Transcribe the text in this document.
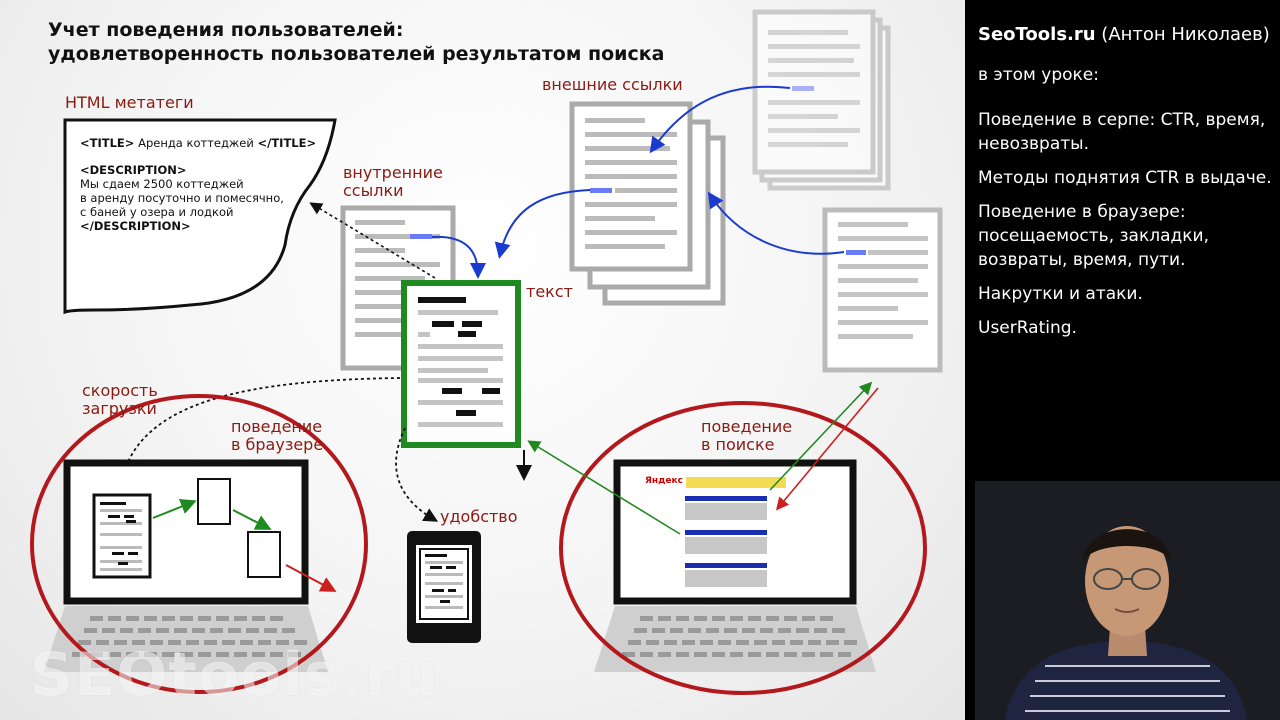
Учет поведения пользователей:
удовлетворенность пользователей результатом поиска
HTML метатеги
внешние ссылки
внутренние
ссылки
текст
скорость
загрузки
поведение
в браузере
удобство
поведение
в поиске
<TITLE> Аренда коттеджей </TITLE>
<DESCRIPTION>
Мы сдаем 2500 коттеджей
в аренду посуточно и помесячно,
с баней у озера и лодкой
</DESCRIPTION>
Яндекс
SEOtools.ru
SeoTools.ru (Антон Николаев)
в этом уроке:
Поведение в серпе: CTR, время, невозвраты.
Методы поднятия CTR в выдаче.
Поведение в браузере: посещаемость, закладки, возвраты, время, пути.
Накрутки и атаки.
UserRating.
